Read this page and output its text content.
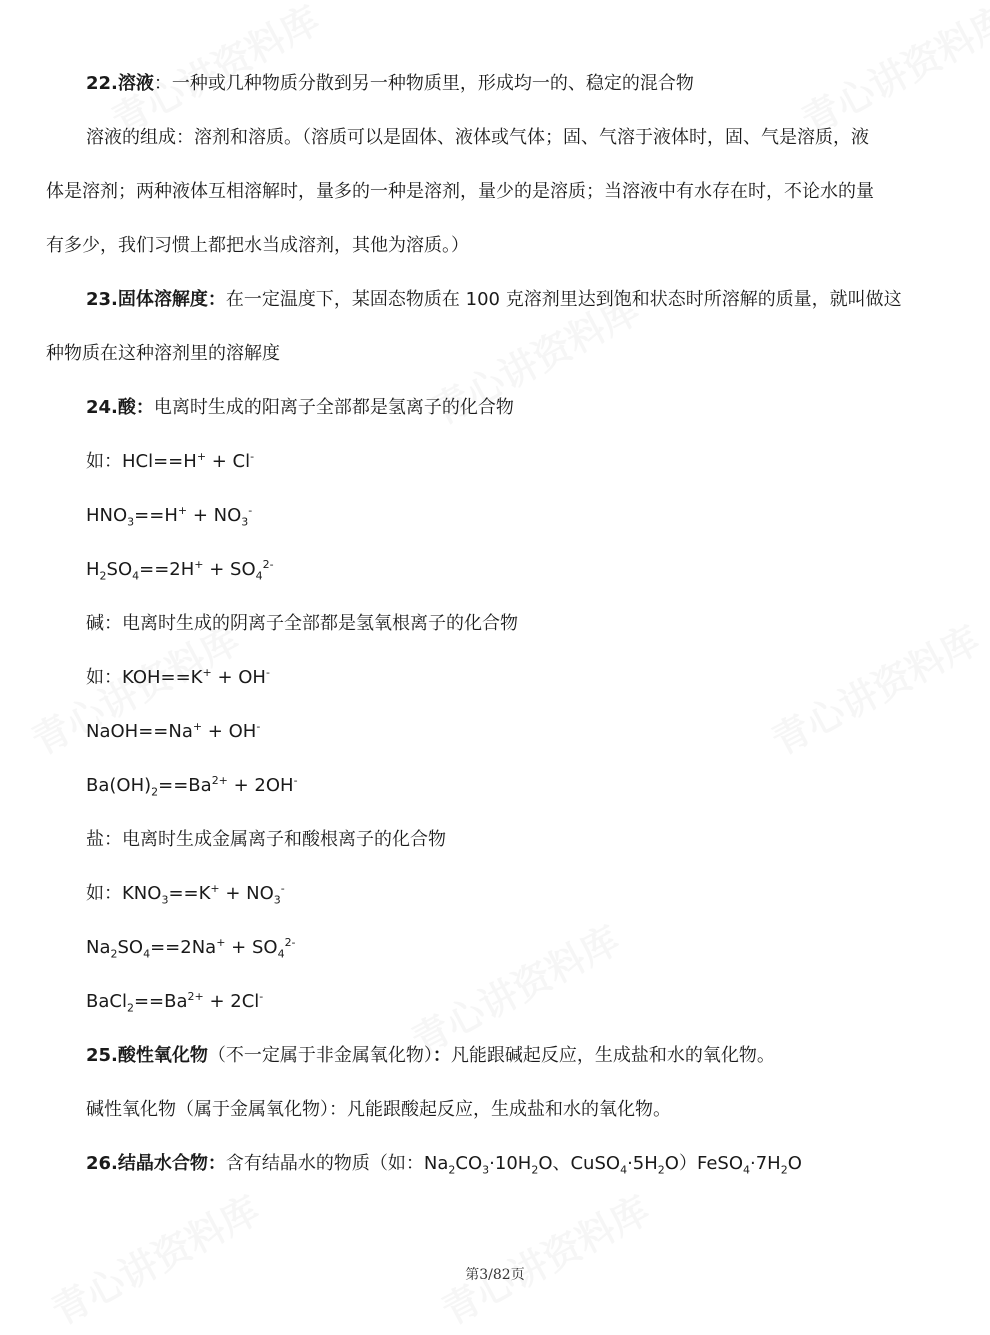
22.溶液：一种或几种物质分散到另一种物质里，形成均一的、稳定的混合物
溶液的组成：溶剂和溶质。（溶质可以是固体、液体或气体；固、气溶于液体时，固、气是溶质，液
体是溶剂；两种液体互相溶解时，量多的一种是溶剂，量少的是溶质；当溶液中有水存在时，不论水的量
有多少，我们习惯上都把水当成溶剂，其他为溶质。）
23.固体溶解度：在一定温度下，某固态物质在 100 克溶剂里达到饱和状态时所溶解的质量，就叫做这
种物质在这种溶剂里的溶解度
24.酸：电离时生成的阳离子全部都是氢离子的化合物
如：HCl==H+ + Cl-
$HNO_3==H^+ + NO_3^-$
$H_2SO_4==2H^+ + SO_4^{2-}$
碱：电离时生成的阴离子全部都是氢氧根离子的化合物
如：KOH==K+ + OH-
NaOH==Na+ + OH-
$Ba(OH)_2==Ba^{2+} + 2OH^-$
盐：电离时生成金属离子和酸根离子的化合物
如：$KNO_3==K^+ + NO_3^-$
$Na_2SO_4==2Na^+ + SO_4^{2-}$
$BaCl_2==Ba^{2+} + 2Cl^-$
25.酸性氧化物（不一定属于非金属氧化物）：凡能跟碱起反应，生成盐和水的氧化物。
碱性氧化物（属于金属氧化物）：凡能跟酸起反应，生成盐和水的氧化物。
26.结晶水合物：含有结晶水的物质（如：$Na_2CO_3\cdot 10H_2O$、$CuSO_4\cdot 5H_2O)FeSO_4\cdot 7H_2O$
第3/82页
